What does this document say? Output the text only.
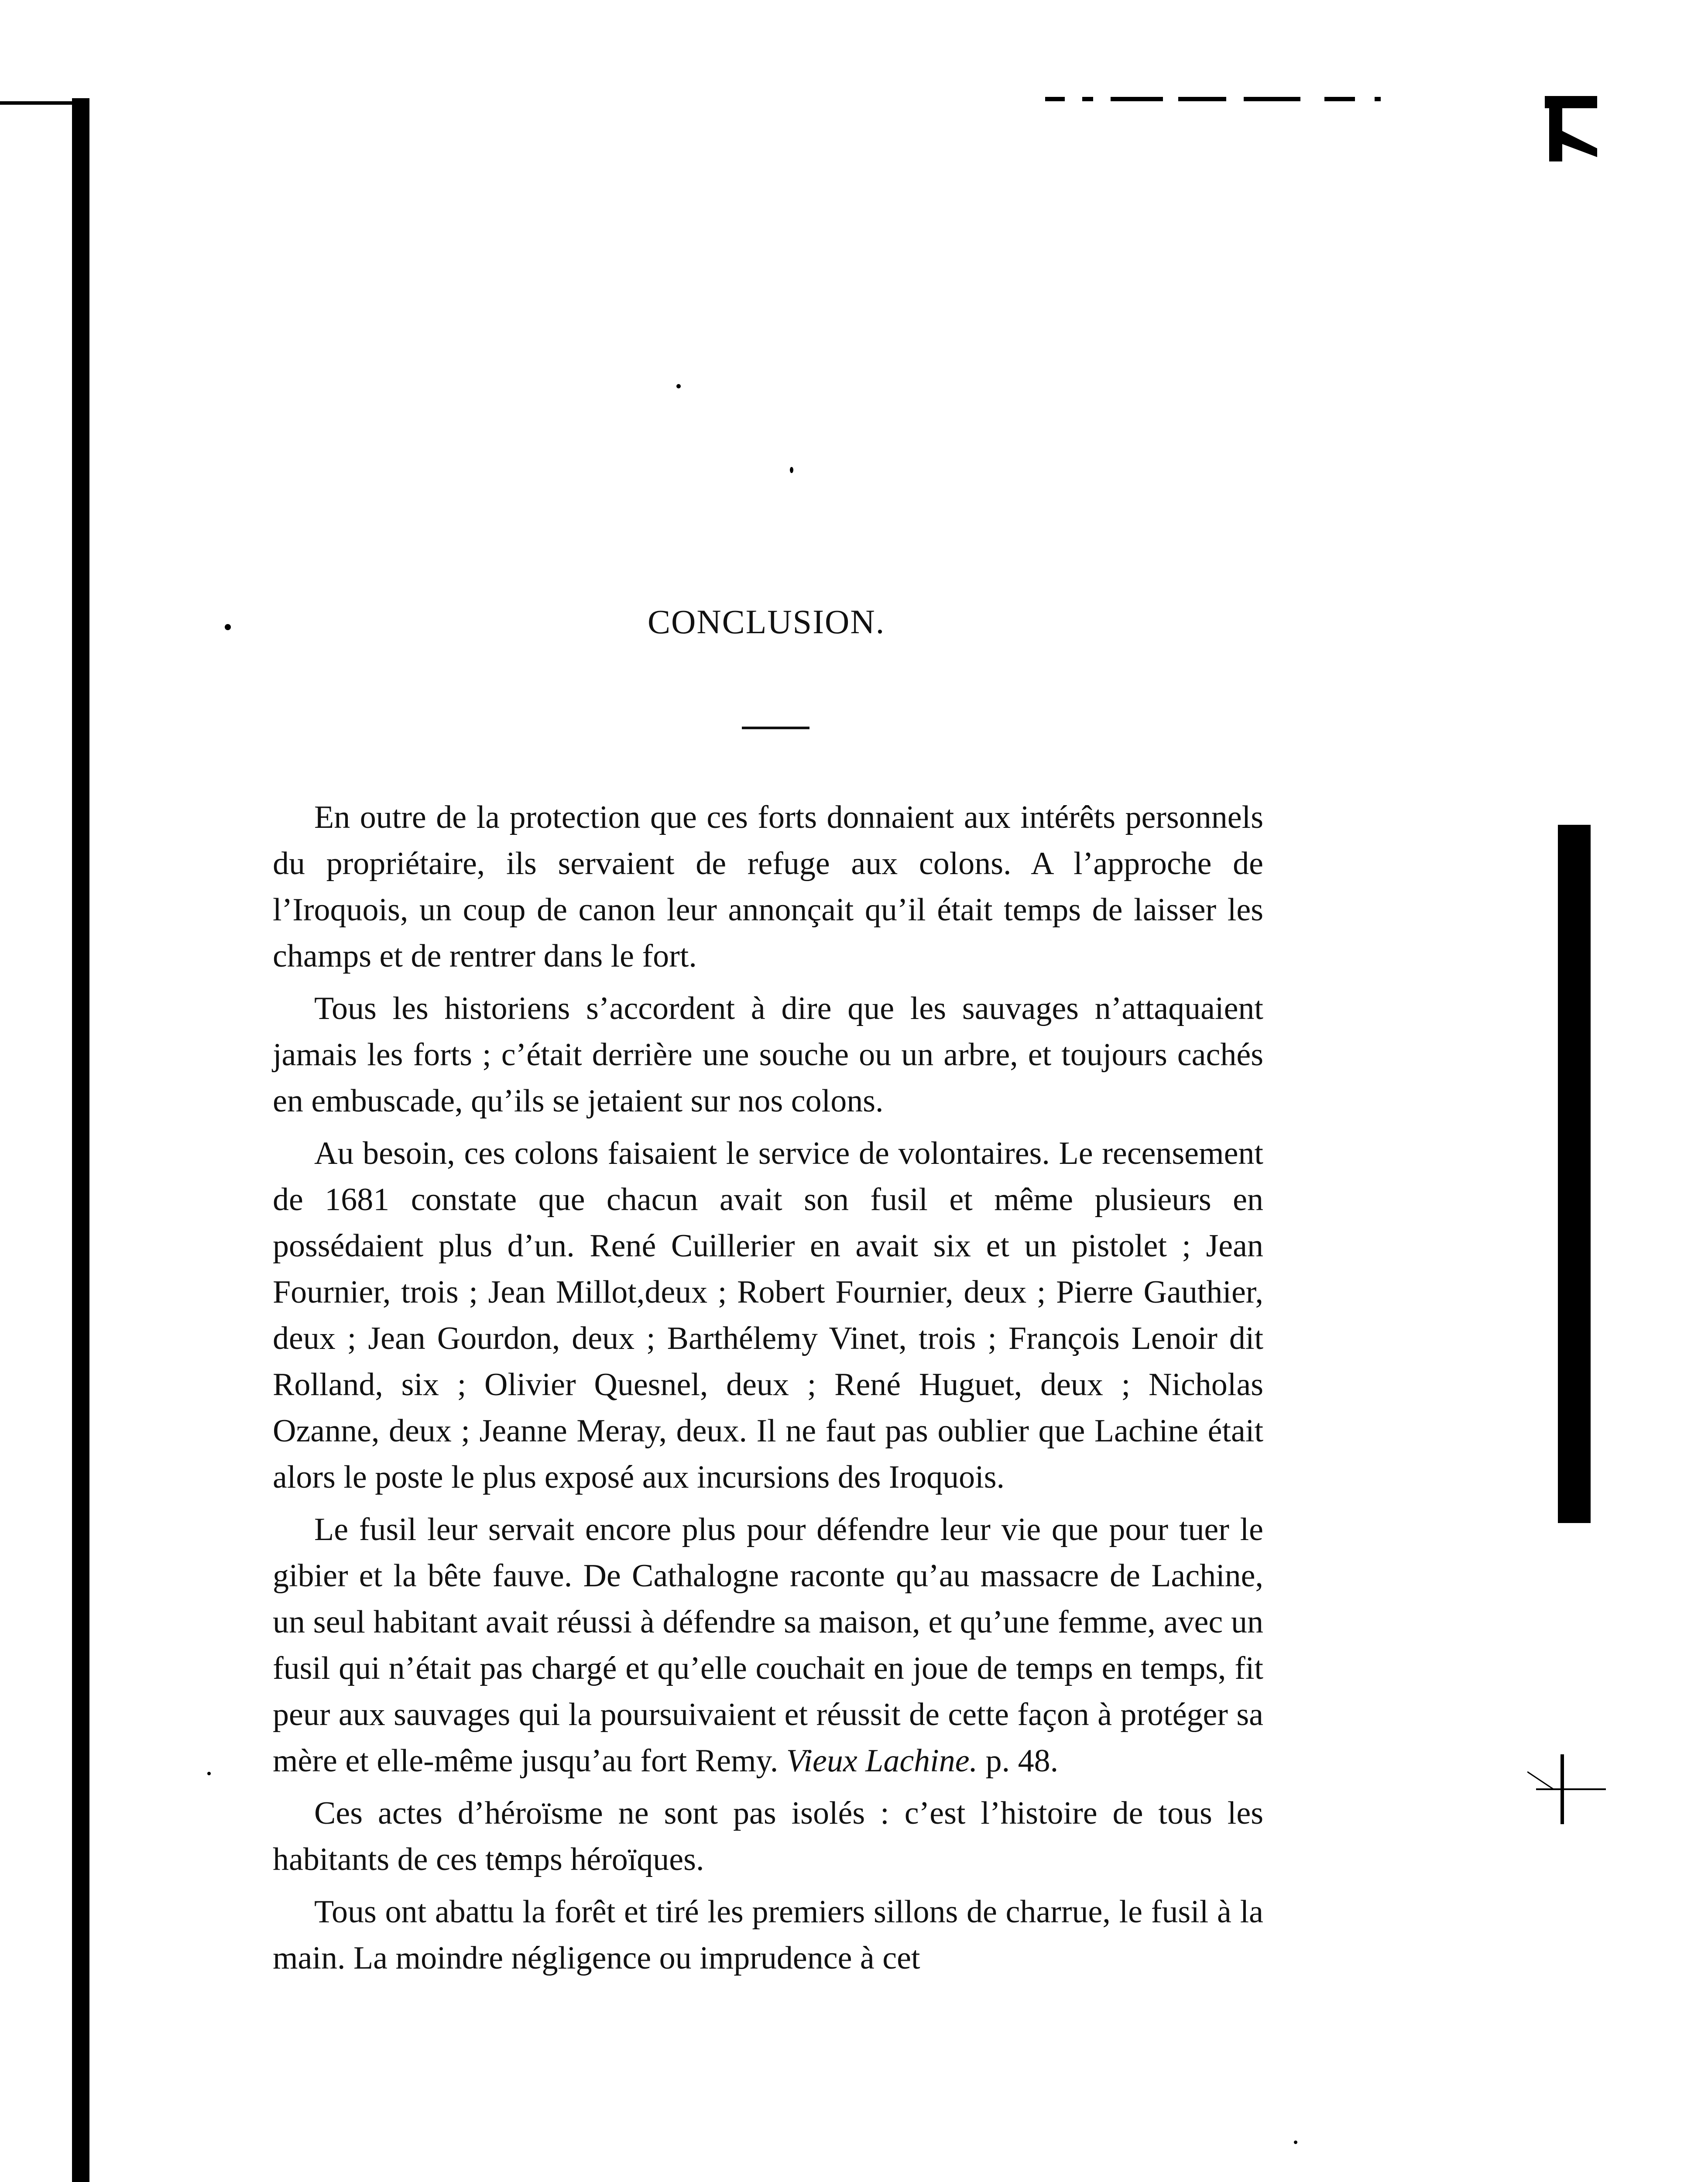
CONCLUSION.

En outre de la protection que ces forts donnaient aux intérêts personnels du propriétaire, ils servaient de refuge aux colons. A l’approche de l’Iroquois, un coup de canon leur annonçait qu’il était temps de laisser les champs et de rentrer dans le fort.

Tous les historiens s’accordent à dire que les sauvages n’attaquaient jamais les forts ; c’était derrière une souche ou un arbre, et toujours cachés en embuscade, qu’ils se jetaient sur nos colons.

Au besoin, ces colons faisaient le service de volontaires. Le recensement de 1681 constate que chacun avait son fusil et même plusieurs en possédaient plus d’un. René Cuillerier en avait six et un pistolet ; Jean Fournier, trois ; Jean Millot,deux ; Robert Fournier, deux ; Pierre Gauthier, deux ; Jean Gourdon, deux ; Barthélemy Vinet, trois ; François Lenoir dit Rolland, six ; Olivier Quesnel, deux ; René Huguet, deux ; Nicholas Ozanne, deux ; Jeanne Meray, deux. Il ne faut pas oublier que Lachine était alors le poste le plus exposé aux incursions des Iroquois.

Le fusil leur servait encore plus pour défendre leur vie que pour tuer le gibier et la bête fauve. De Cathalogne raconte qu’au massacre de Lachine, un seul habitant avait réussi à défendre sa maison, et qu’une femme, avec un fusil qui n’était pas chargé et qu’elle couchait en joue de temps en temps, fit peur aux sauvages qui la poursuivaient et réussit de cette façon à protéger sa mère et elle-même jusqu’au fort Remy. Vieux Lachine. p. 48.

Ces actes d’héroïsme ne sont pas isolés : c’est l’histoire de tous les habitants de ces temps héroïques.

Tous ont abattu la forêt et tiré les premiers sillons de charrue, le fusil à la main. La moindre négligence ou imprudence à cet
